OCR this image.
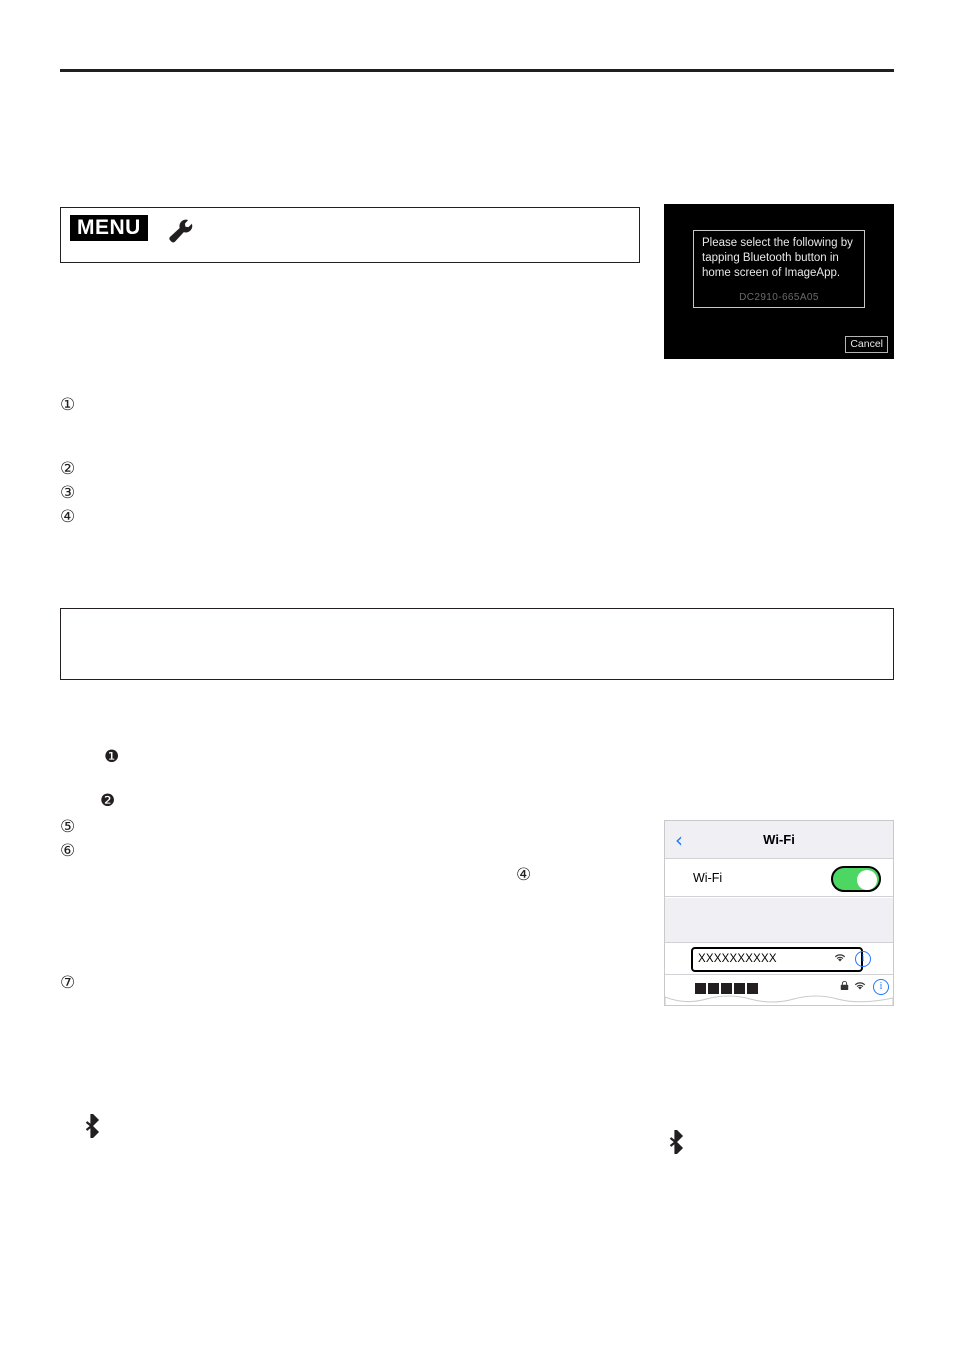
MENU
Please select the following by tapping Bluetooth button in home screen of ImageApp.
DC2910-665A05
Cancel
①
②
③
④
❶
❷
⑤
⑥
④
⑦
‹	Wi-Fi
Wi-Fi
XXXXXXXXXX	i
i
